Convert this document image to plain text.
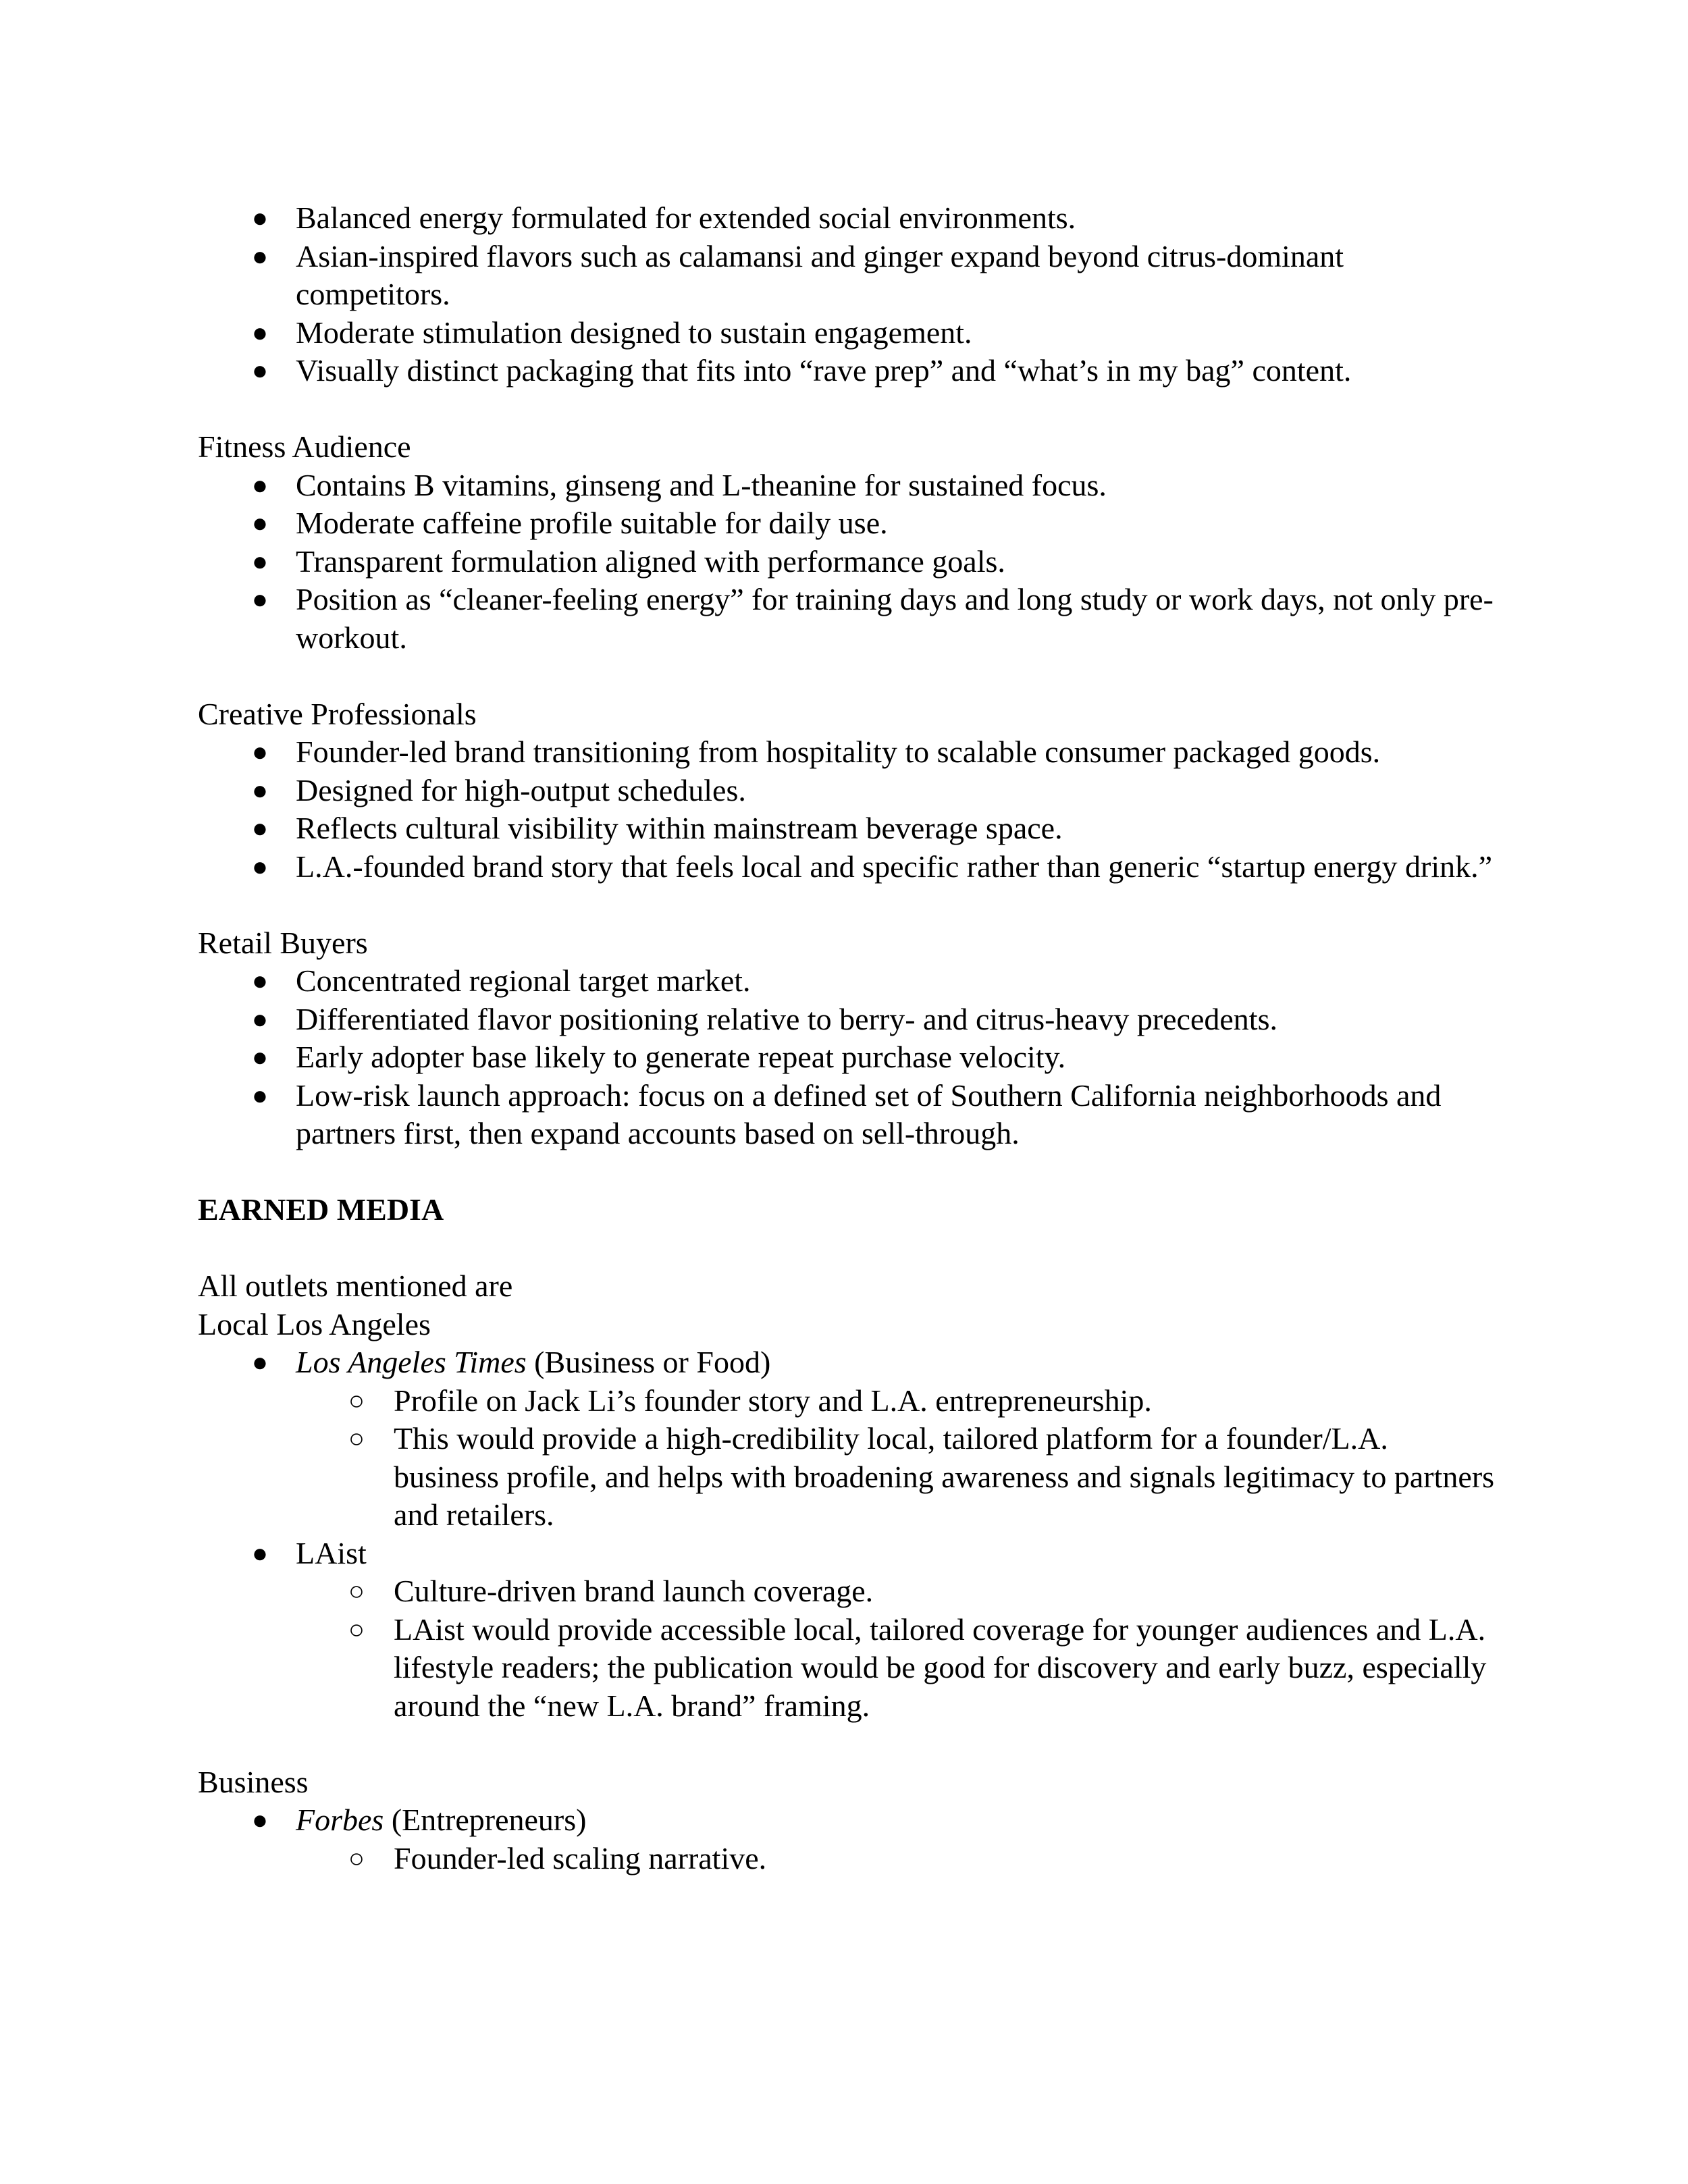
● Balanced energy formulated for extended social environments.
● Asian-inspired flavors such as calamansi and ginger expand beyond citrus-dominant competitors.
● Moderate stimulation designed to sustain engagement.
● Visually distinct packaging that fits into “rave prep” and “what’s in my bag” content.

Fitness Audience

● Contains B vitamins, ginseng and L-theanine for sustained focus.
● Moderate caffeine profile suitable for daily use.
● Transparent formulation aligned with performance goals.
● Position as “cleaner-feeling energy” for training days and long study or work days, not only pre-workout.

Creative Professionals

● Founder-led brand transitioning from hospitality to scalable consumer packaged goods.
● Designed for high-output schedules.
● Reflects cultural visibility within mainstream beverage space.
● L.A.-founded brand story that feels local and specific rather than generic “startup energy drink.”

Retail Buyers

● Concentrated regional target market.
● Differentiated flavor positioning relative to berry- and citrus-heavy precedents.
● Early adopter base likely to generate repeat purchase velocity.
● Low-risk launch approach: focus on a defined set of Southern California neighborhoods and partners first, then expand accounts based on sell-through.

EARNED MEDIA

All outlets mentioned are

Local Los Angeles

● Los Angeles Times (Business or Food)
○ Profile on Jack Li’s founder story and L.A. entrepreneurship.
○ This would provide a high-credibility local, tailored platform for a founder/L.A. business profile, and helps with broadening awareness and signals legitimacy to partners and retailers.
● LAist
○ Culture-driven brand launch coverage.
○ LAist would provide accessible local, tailored coverage for younger audiences and L.A. lifestyle readers; the publication would be good for discovery and early buzz, especially around the “new L.A. brand” framing.

Business

● Forbes (Entrepreneurs)
○ Founder-led scaling narrative.
